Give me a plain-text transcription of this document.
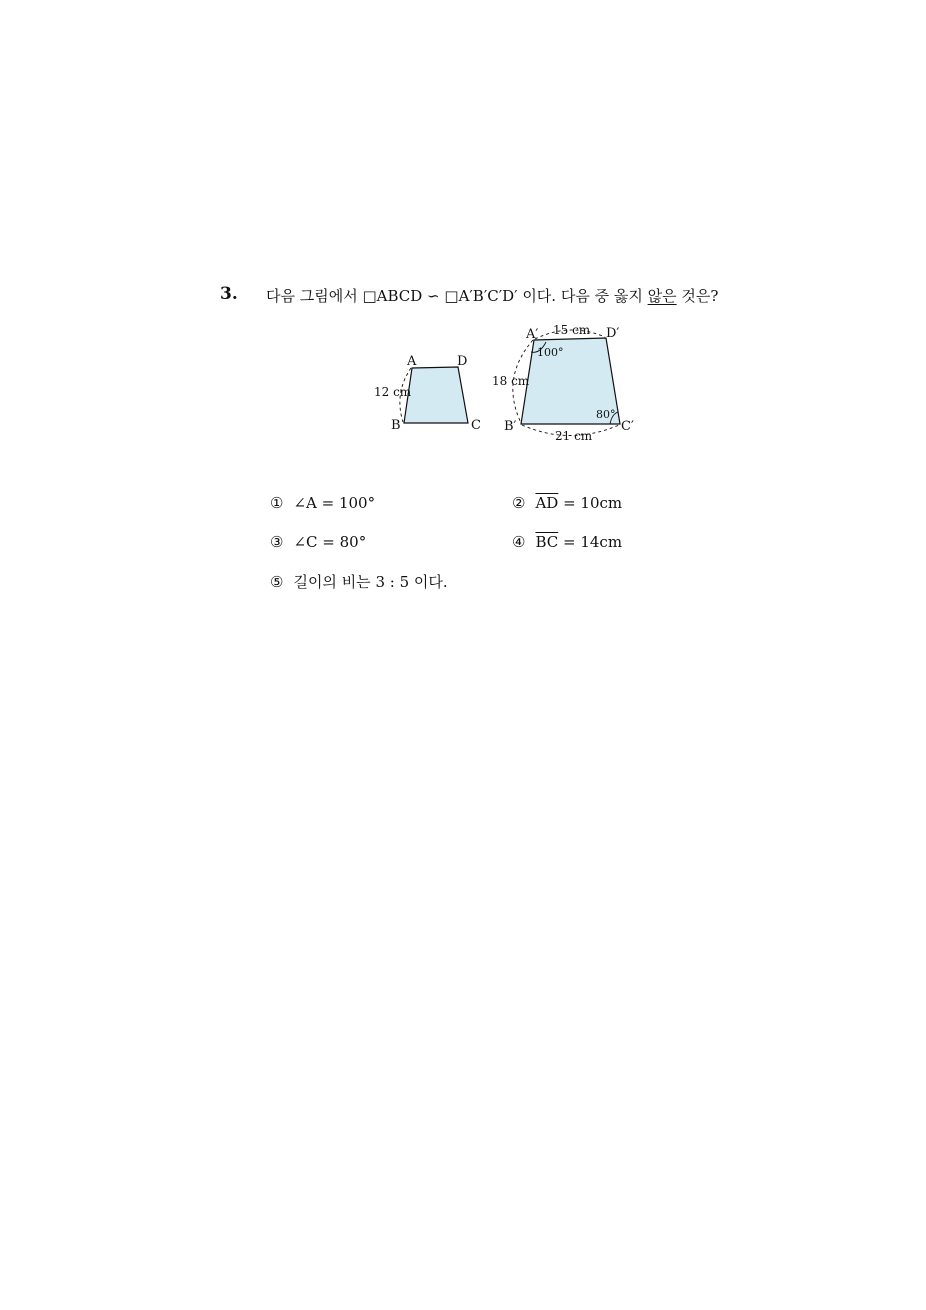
3. 다음 그림에서 □ABCD ∽ □A′B′C′D′ 이다. 다음 중 옳지 않은 것은?
A	D
B	C
12 cm
A′	D′
B′	C′
15 cm
18 cm
21 cm
100°
80°
① ∠A = 100°	② $\overline{AD} = 10cm$
③ ∠C = 80°	④ $\overline{BC} = 14cm$
⑤ 길이의 비는 3 : 5 이다.
